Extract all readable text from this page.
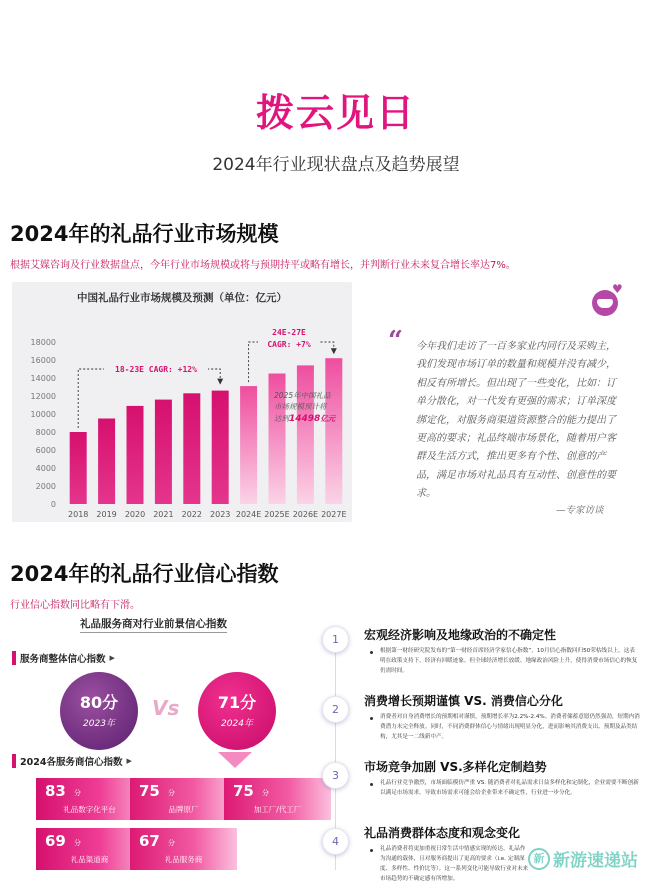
拨云见日
2024年行业现状盘点及趋势展望
2024年的礼品行业市场规模
根据艾媒咨询及行业数据盘点，今年行业市场规模或将与预期持平或略有增长，并判断行业未来复合增长率达7%。
中国礼品行业市场规模及预测（单位：亿元）
0
2000
4000
6000
8000
10000
12000
14000
16000
18000
2018 2019 2020 2021 2022 2023 2024E 2025E 2026E 2027E
18-23E CAGR: +12%
24E-27E
CAGR: +7%
2025年中国礼品
市场规模预计将
达到14498亿元
♥
“ 今年我们走访了一百多家业内同行及采购主，我们发现市场订单的数量和规模并没有减少，相反有所增长。但出现了一些变化，比如：订单分散化，对一代发有更强的需求；订单深度绑定化，对服务商渠道资源整合的能力提出了更高的要求；礼品终端市场景化，随着用户客群及生活方式，推出更多有个性、创意的产品，满足市场对礼品具有互动性、创意性的要求。
—专家访谈
2024年的礼品行业信心指数
行业信心指数同比略有下滑。
礼品服务商对行业前景信心指数
服务商整体信心指数 ▶
80分
2023年
Vs	71分
2024年
2024各服务商信心指数 ▶
83 分
礼品数字化平台
75 分
品牌原厂
75 分
加工厂/代工厂
69 分
礼品渠道商
67 分
礼品服务商
1	宏观经济影响及地缘政治的不确定性
根据第一财经研究院发布的“第一财经首席经济学家信心指数”，10月信心指数回归50荣枯线以上。这表明在政策支持下，经济有回暖迹象。但全球经济增长放缓、地缘政治风险上升，使得消费市场信心的恢复仍需时间。
2
消费增长预期谨慎 VS. 消费信心分化
消费者对自身消费增长的预期相对谨慎，预期增长率为2.2%-2.4%。消费者储蓄意愿仍然强劲，短期内消费潜力未完全释放。同时，不同消费群体信心与情绪出现明显分化，进而影响其消费支出、预期及品类结构，尤其是一二线新中产。
3
市场竞争加剧 VS.多样化定制趋势
礼品行业竞争激烈，市场面临模仿严重 VS. 随消费者对礼品需求日益多样化和定制化，企业需要不断创新以满足市场需求。导致市场需求可能会给企业带来不确定性，行业进一步分化。
4
礼品消费群体态度和观念变化
礼品消费者将更加重视日常生活中情感实现的传达，礼品作为沟通的载体，且对服务商提出了更高的要求（i.e. 定制深度、多样性、性价比等）。这一系列变化可能导致行业对未来市场趋势的不确定感有所增加。
新 新游速递站
